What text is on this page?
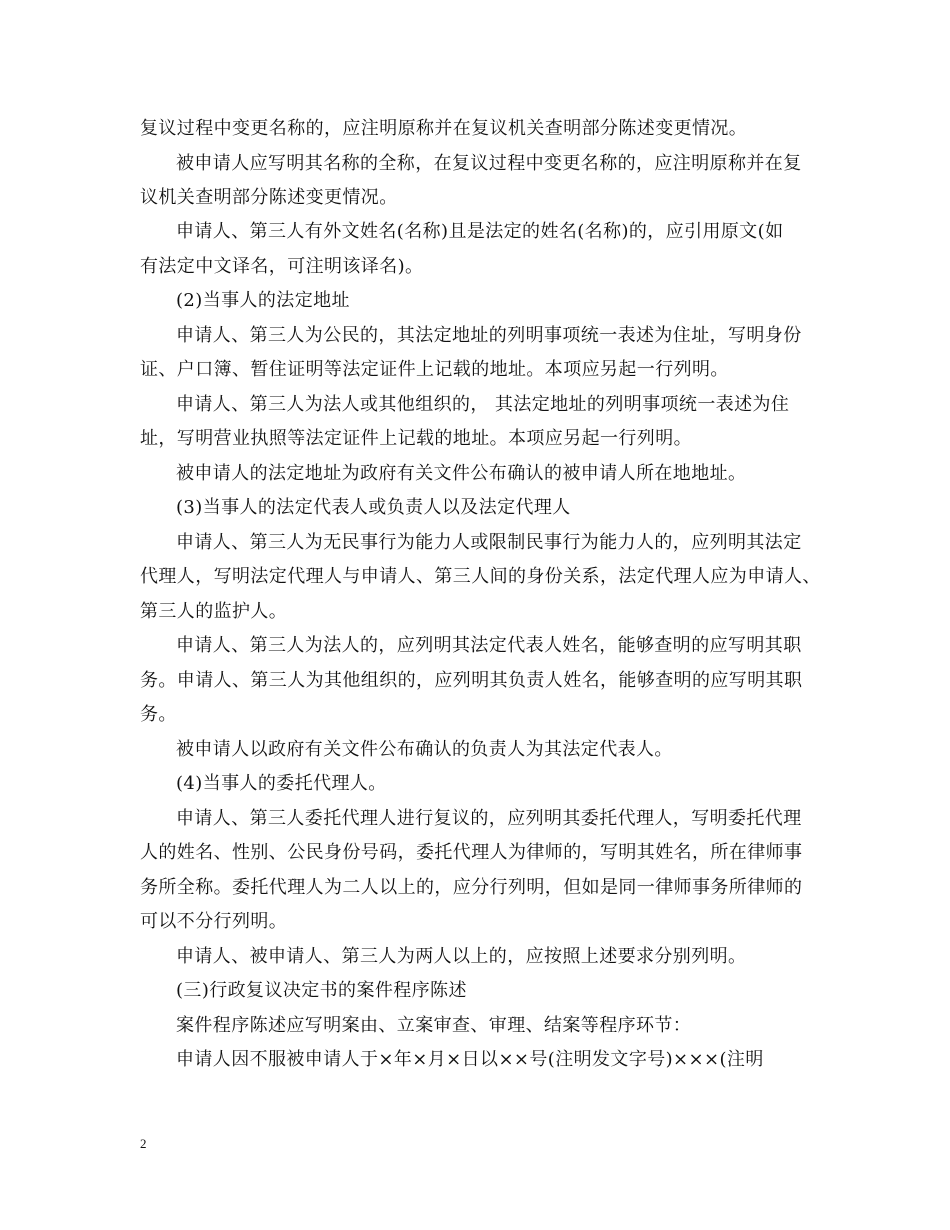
复议过程中变更名称的，应注明原称并在复议机关查明部分陈述变更情况。

被申请人应写明其名称的全称，在复议过程中变更名称的，应注明原称并在复

议机关查明部分陈述变更情况。

申请人、第三人有外文姓名(名称)且是法定的姓名(名称)的，应引用原文(如

有法定中文译名，可注明该译名)。

(2)当事人的法定地址

申请人、第三人为公民的，其法定地址的列明事项统一表述为住址，写明身份

证、户口簿、暂住证明等法定证件上记载的地址。本项应另起一行列明。

申请人、第三人为法人或其他组织的， 其法定地址的列明事项统一表述为住

址，写明营业执照等法定证件上记载的地址。本项应另起一行列明。

被申请人的法定地址为政府有关文件公布确认的被申请人所在地地址。

(3)当事人的法定代表人或负责人以及法定代理人

申请人、第三人为无民事行为能力人或限制民事行为能力人的，应列明其法定

代理人，写明法定代理人与申请人、第三人间的身份关系，法定代理人应为申请人、

第三人的监护人。

申请人、第三人为法人的，应列明其法定代表人姓名，能够查明的应写明其职

务。申请人、第三人为其他组织的，应列明其负责人姓名，能够查明的应写明其职

务。

被申请人以政府有关文件公布确认的负责人为其法定代表人。

(4)当事人的委托代理人。

申请人、第三人委托代理人进行复议的，应列明其委托代理人，写明委托代理

人的姓名、性别、公民身份号码，委托代理人为律师的，写明其姓名，所在律师事

务所全称。委托代理人为二人以上的，应分行列明，但如是同一律师事务所律师的

可以不分行列明。

申请人、被申请人、第三人为两人以上的，应按照上述要求分别列明。

(三)行政复议决定书的案件程序陈述

案件程序陈述应写明案由、立案审查、审理、结案等程序环节：

申请人因不服被申请人于×年×月×日以××号(注明发文字号)×××(注明

2
